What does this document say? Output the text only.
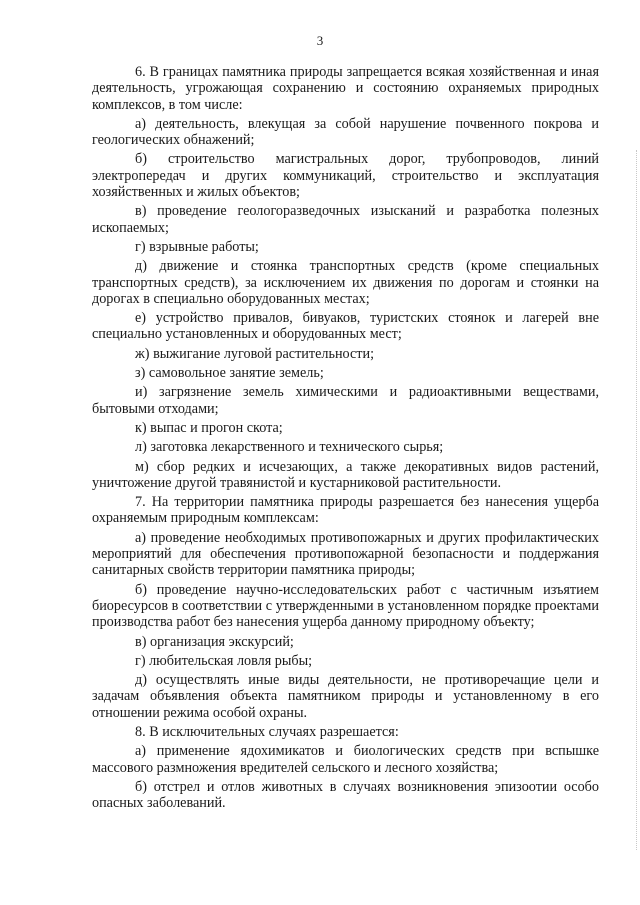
3

6. В границах памятника природы запрещается всякая хозяйственная и иная деятельность, угрожающая сохранению и состоянию охраняемых природных комплексов, в том числе:

а) деятельность, влекущая за собой нарушение почвенного покрова и геологических обнажений;

б) строительство магистральных дорог, трубопроводов, линий электропередач и других коммуникаций, строительство и эксплуатация хозяйственных и жилых объектов;

в) проведение геологоразведочных изысканий и разработка полезных ископаемых;

г) взрывные работы;

д) движение и стоянка транспортных средств (кроме специальных транспортных средств), за исключением их движения по дорогам и стоянки на дорогах в специально оборудованных местах;

е) устройство привалов, бивуаков, туристских стоянок и лагерей вне специально установленных и оборудованных мест;

ж) выжигание луговой растительности;

з) самовольное занятие земель;

и) загрязнение земель химическими и радиоактивными веществами, бытовыми отходами;

к) выпас и прогон скота;

л) заготовка лекарственного и технического сырья;

м) сбор редких и исчезающих, а также декоративных видов растений, уничтожение другой травянистой и кустарниковой растительности.

7. На территории памятника природы разрешается без нанесения ущерба охраняемым природным комплексам:

а) проведение необходимых противопожарных и других профилактических мероприятий для обеспечения противопожарной безопасности и поддержания санитарных свойств территории памятника природы;

б) проведение научно-исследовательских работ с частичным изъятием биоресурсов в соответствии с утвержденными в установленном порядке проектами производства работ без нанесения ущерба данному природному объекту;

в) организация экскурсий;

г) любительская ловля рыбы;

д) осуществлять иные виды деятельности, не противоречащие цели и задачам объявления объекта памятником природы и установленному в его отношении режима особой охраны.

8. В исключительных случаях разрешается:

а) применение ядохимикатов и биологических средств при вспышке массового размножения вредителей сельского и лесного хозяйства;

б) отстрел и отлов животных в случаях возникновения эпизоотии особо опасных заболеваний.
